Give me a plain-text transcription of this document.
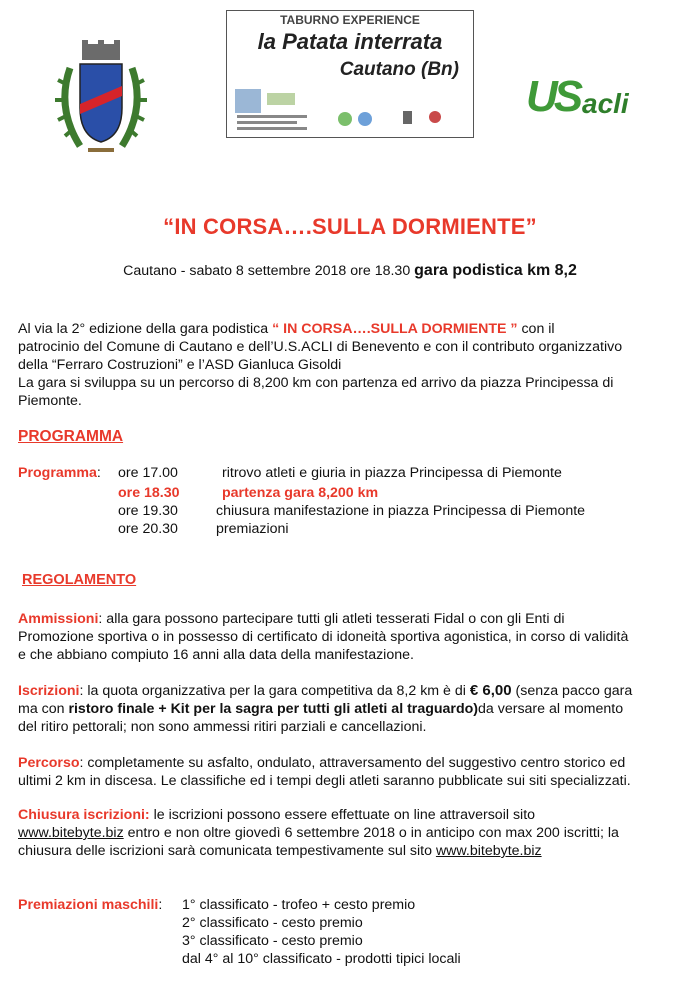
TABURNO EXPERIENCE
la Patata interrata
Cautano (Bn)
US acli
“IN CORSA….SULLA DORMIENTE”
Cautano - sabato 8 settembre 2018 ore 18.30 gara podistica km 8,2

Al via la 2° edizione della gara podistica “ IN CORSA….SULLA DORMIENTE ” con il

patrocinio del Comune di Cautano e dell’U.S.ACLI di Benevento e con il contributo organizzativo

della “Ferraro Costruzioni” e l’ASD Gianluca Gisoldi

La gara si sviluppa su un percorso di 8,200 km con partenza ed arrivo da piazza Principessa di

Piemonte.

PROGRAMMA
Programma: ore 17.00	ritrovo atleti e giuria in piazza Principessa di Piemonte
ore 18.30	partenza gara 8,200 km
ore 19.30	chiusura manifestazione in piazza Principessa di Piemonte
ore 20.30	premiazioni
REGOLAMENTO

Ammissioni: alla gara possono partecipare tutti gli atleti tesserati Fidal o con gli Enti di

Promozione sportiva o in possesso di certificato di idoneità sportiva agonistica, in corso di validità

e che abbiano compiuto 16 anni alla data della manifestazione.

Iscrizioni: la quota organizzativa per la gara competitiva da 8,2 km è di € 6,00 (senza pacco gara

ma con ristoro finale + Kit per la sagra per tutti gli atleti al traguardo)da versare al momento

del ritiro pettorali; non sono ammessi ritiri parziali e cancellazioni.

Percorso: completamente su asfalto, ondulato, attraversamento del suggestivo centro storico ed

ultimi 2 km in discesa. Le classifiche ed i tempi degli atleti saranno pubblicate sui siti specializzati.

Chiusura iscrizioni: le iscrizioni possono essere effettuate on line attraversoil sito

www.bitebyte.biz entro e non oltre giovedì 6 settembre 2018 o in anticipo con max 200 iscritti; la

chiusura delle iscrizioni sarà comunicata tempestivamente sul sito www.bitebyte.biz

Premiazioni maschili: 1° classificato - trofeo + cesto premio
2° classificato - cesto premio
3° classificato - cesto premio
dal 4° al 10° classificato - prodotti tipici locali
